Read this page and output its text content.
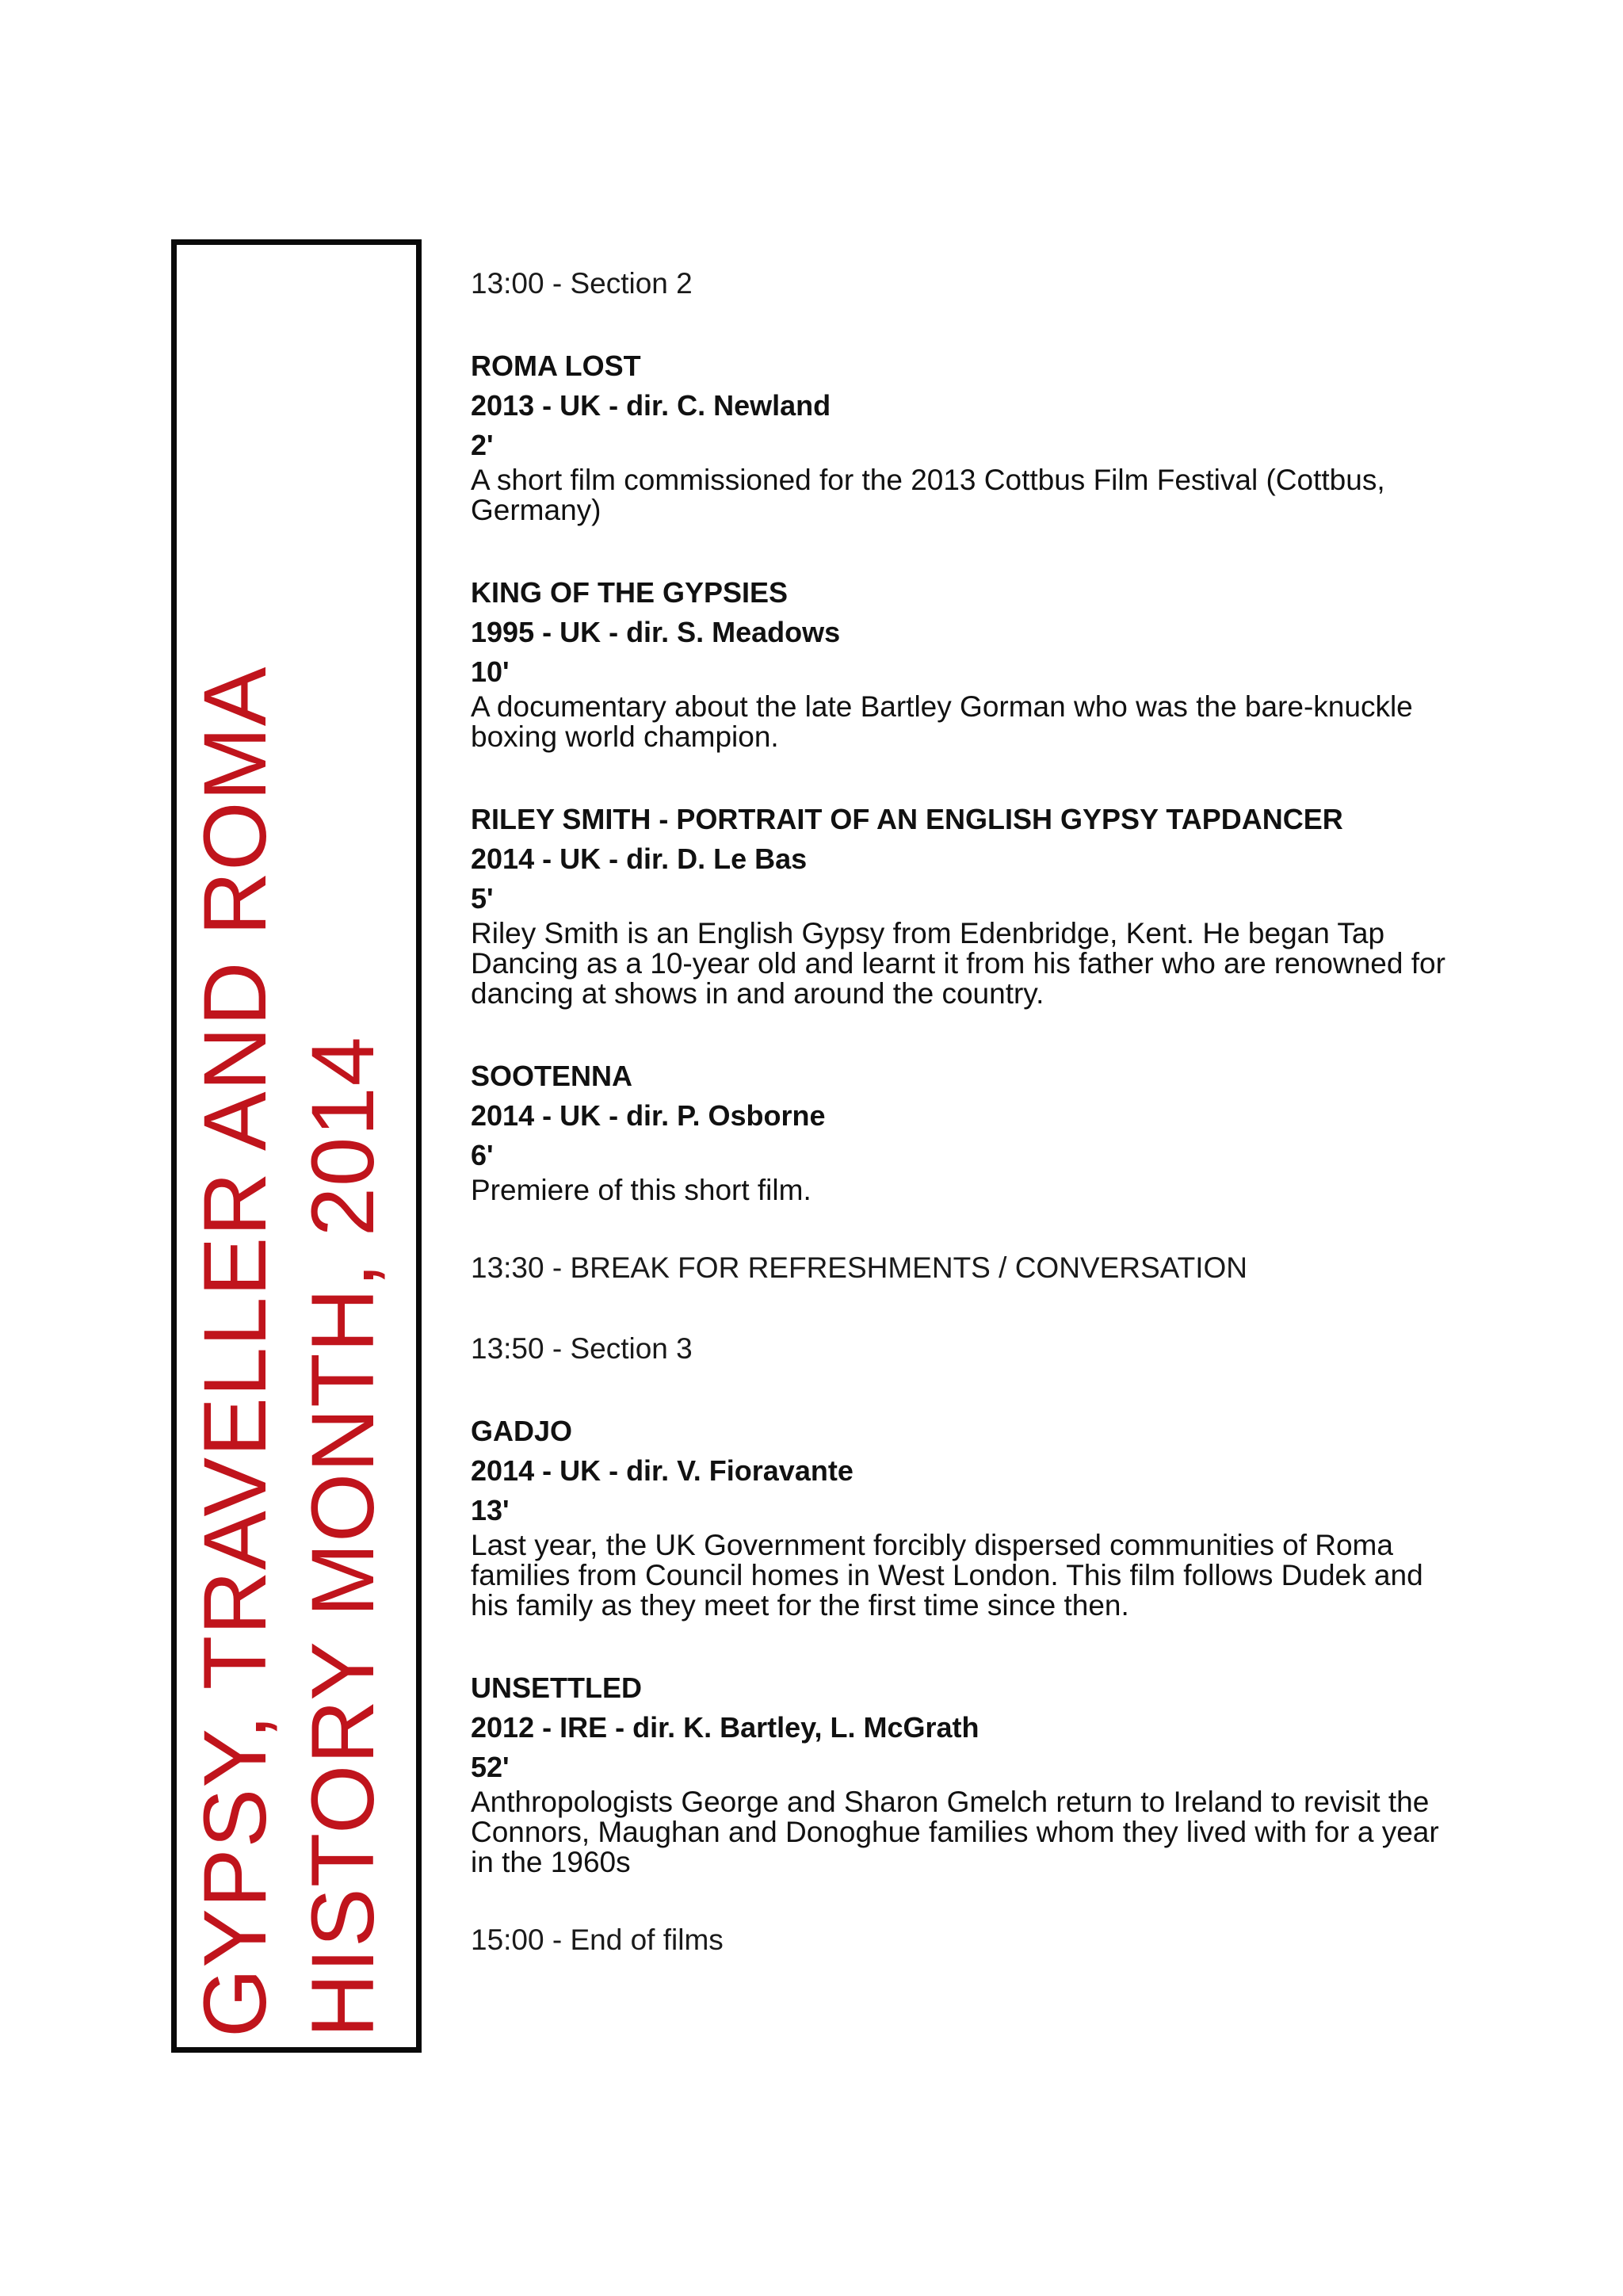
GYPSY, TRAVELLER AND ROMA HISTORY MONTH, 2014

13:00 - Section 2

ROMA LOST

2013 - UK - dir. C. Newland

2'

A short film commissioned for the 2013 Cottbus Film Festival (Cottbus, Germany)

KING OF THE GYPSIES

1995 - UK - dir. S. Meadows

10'

A documentary about the late Bartley Gorman who was the bare-knuckle boxing world champion.

RILEY SMITH - PORTRAIT OF AN ENGLISH GYPSY TAPDANCER

2014 - UK - dir. D. Le Bas

5'

Riley Smith is an English Gypsy from Edenbridge, Kent. He began Tap Dancing as a 10-year old and learnt it from his father who are renowned for dancing at shows in and around the country.

SOOTENNA

2014 - UK - dir. P. Osborne

6'

Premiere of this short film.

13:30 - BREAK FOR REFRESHMENTS / CONVERSATION

13:50 - Section 3

GADJO

2014 - UK - dir. V. Fioravante

13'

Last year, the UK Government forcibly dispersed communities of Roma families from Council homes in West London. This film follows Dudek and his family as they meet for the first time since then.

UNSETTLED

2012 - IRE - dir. K. Bartley, L. McGrath

52'

Anthropologists George and Sharon Gmelch return to Ireland to revisit the Connors, Maughan and Donoghue families whom they lived with for a year in the 1960s

15:00 - End of films
